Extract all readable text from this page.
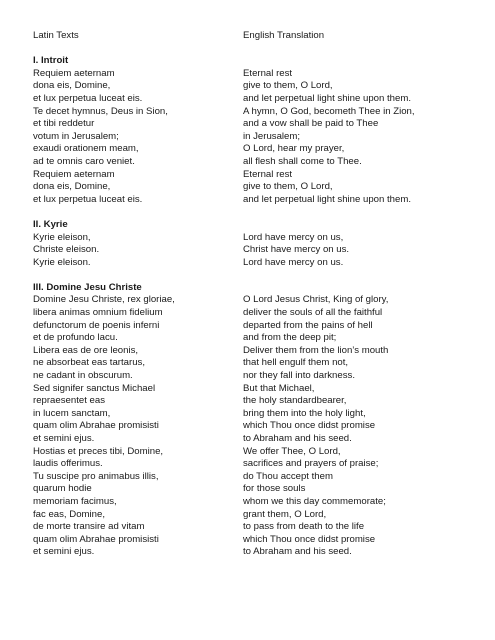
Latin Texts
I. Introit
Requiem aeternam
dona eis, Domine,
et lux perpetua luceat eis.
Te decet hymnus, Deus in Sion,
et tibi reddetur
votum in Jerusalem;
exaudi orationem meam,
ad te omnis caro veniet.
Requiem aeternam
dona eis, Domine,
et lux perpetua luceat eis.
II. Kyrie
Kyrie eleison,
Christe eleison.
Kyrie eleison.
III. Domine Jesu Christe
Domine Jesu Christe, rex gloriae,
libera animas omnium fidelium
defunctorum de poenis inferni
et de profundo lacu.
Libera eas de ore leonis,
ne absorbeat eas tartarus,
ne cadant in obscurum.
Sed signifer sanctus Michael
repraesentet eas
in lucem sanctam,
quam olim Abrahae promisisti
et semini ejus.
Hostias et preces tibi, Domine,
laudis offerimus.
Tu suscipe pro animabus illis,
quarum hodie
memoriam facimus,
fac eas, Domine,
de morte transire ad vitam
quam olim Abrahae promisisti
et semini ejus.
English Translation
Eternal rest
give to them, O Lord,
and let perpetual light shine upon them.
A hymn, O God, becometh Thee in Zion,
and a vow shall be paid to Thee
in Jerusalem;
O Lord, hear my prayer,
all flesh shall come to Thee.
Eternal rest
give to them, O Lord,
and let perpetual light shine upon them.
Lord have mercy on us,
Christ have mercy on us.
Lord have mercy on us.
O Lord Jesus Christ, King of glory,
deliver the souls of all the faithful
departed from the pains of hell
and from the deep pit;
Deliver them from the lion’s mouth
that hell engulf them not,
nor they fall into darkness.
But that Michael,
the holy standardbearer,
bring them into the holy light,
which Thou once didst promise
to Abraham and his seed.
We offer Thee, O Lord,
sacrifices and prayers of praise;
do Thou accept them
for those souls
whom we this day commemorate;
grant them, O Lord,
to pass from death to the life
which Thou once didst promise
to Abraham and his seed.
